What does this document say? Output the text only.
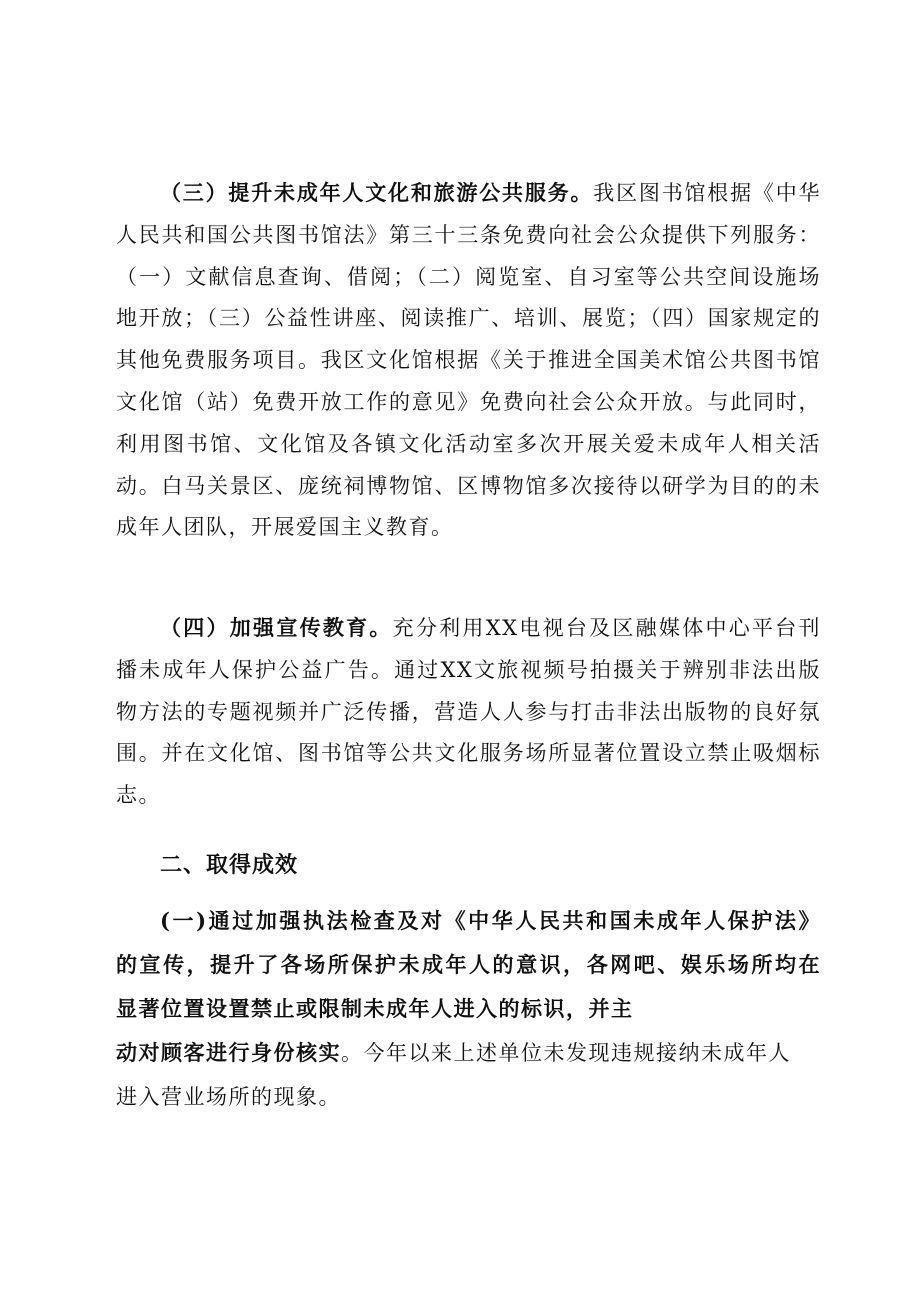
（三）提升未成年人文化和旅游公共服务。我区图书馆根据《中华人民共和国公共图书馆法》第三十三条免费向社会公众提供下列服务：（一）文献信息查询、借阅；（二）阅览室、自习室等公共空间设施场地开放；（三）公益性讲座、阅读推广、培训、展览；（四）国家规定的其他免费服务项目。我区文化馆根据《关于推进全国美术馆公共图书馆文化馆（站）免费开放工作的意见》免费向社会公众开放。与此同时，利用图书馆、文化馆及各镇文化活动室多次开展关爱未成年人相关活动。白马关景区、庞统祠博物馆、区博物馆多次接待以研学为目的的未成年人团队，开展爱国主义教育。
（四）加强宣传教育。充分利用XX电视台及区融媒体中心平台刊播未成年人保护公益广告。通过XX文旅视频号拍摄关于辨别非法出版物方法的专题视频并广泛传播，营造人人参与打击非法出版物的良好氛围。并在文化馆、图书馆等公共文化服务场所显著位置设立禁止吸烟标志。
二、取得成效
(一)通过加强执法检查及对《中华人民共和国未成年人保护法》
的宣传，提升了各场所保护未成年人的意识，各网吧、娱乐场所均在
显著位置设置禁止或限制未成年人进入的标识，并主
动对顾客进行身份核实。今年以来上述单位未发现违规接纳未成年人
进入营业场所的现象。
